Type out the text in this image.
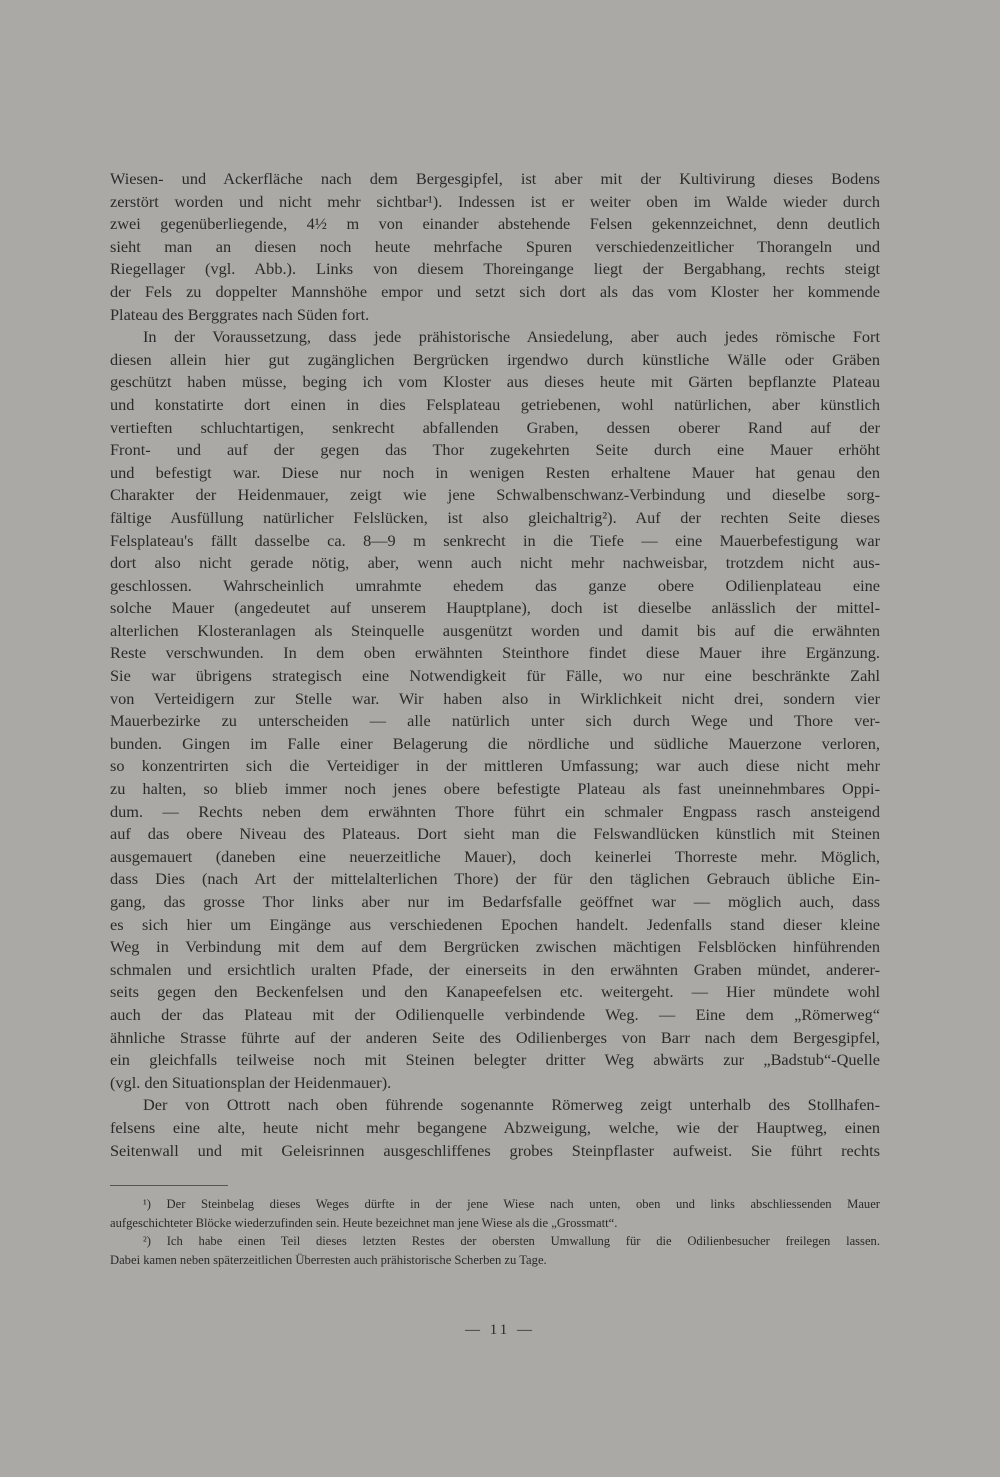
Wiesen- und Ackerfläche nach dem Bergesgipfel, ist aber mit der Kultivirung dieses Bodens
zerstört worden und nicht mehr sichtbar¹). Indessen ist er weiter oben im Walde wieder durch
zwei gegenüberliegende, 4½ m von einander abstehende Felsen gekennzeichnet, denn deutlich
sieht man an diesen noch heute mehrfache Spuren verschiedenzeitlicher Thorangeln und
Riegellager (vgl. Abb.). Links von diesem Thoreingange liegt der Bergabhang, rechts steigt
der Fels zu doppelter Mannshöhe empor und setzt sich dort als das vom Kloster her kommende
Plateau des Berggrates nach Süden fort.
In der Voraussetzung, dass jede prähistorische Ansiedelung, aber auch jedes römische Fort
diesen allein hier gut zugänglichen Bergrücken irgendwo durch künstliche Wälle oder Gräben
geschützt haben müsse, beging ich vom Kloster aus dieses heute mit Gärten bepflanzte Plateau
und konstatirte dort einen in dies Felsplateau getriebenen, wohl natürlichen, aber künstlich
vertieften schluchtartigen, senkrecht abfallenden Graben, dessen oberer Rand auf der
Front- und auf der gegen das Thor zugekehrten Seite durch eine Mauer erhöht
und befestigt war. Diese nur noch in wenigen Resten erhaltene Mauer hat genau den
Charakter der Heidenmauer, zeigt wie jene Schwalbenschwanz-Verbindung und dieselbe sorg-
fältige Ausfüllung natürlicher Felslücken, ist also gleichaltrig²). Auf der rechten Seite dieses
Felsplateau's fällt dasselbe ca. 8—9 m senkrecht in die Tiefe — eine Mauerbefestigung war
dort also nicht gerade nötig, aber, wenn auch nicht mehr nachweisbar, trotzdem nicht aus-
geschlossen. Wahrscheinlich umrahmte ehedem das ganze obere Odilienplateau eine
solche Mauer (angedeutet auf unserem Hauptplane), doch ist dieselbe anlässlich der mittel-
alterlichen Klosteranlagen als Steinquelle ausgenützt worden und damit bis auf die erwähnten
Reste verschwunden. In dem oben erwähnten Steinthore findet diese Mauer ihre Ergänzung.
Sie war übrigens strategisch eine Notwendigkeit für Fälle, wo nur eine beschränkte Zahl
von Verteidigern zur Stelle war. Wir haben also in Wirklichkeit nicht drei, sondern vier
Mauerbezirke zu unterscheiden — alle natürlich unter sich durch Wege und Thore ver-
bunden. Gingen im Falle einer Belagerung die nördliche und südliche Mauerzone verloren,
so konzentrirten sich die Verteidiger in der mittleren Umfassung; war auch diese nicht mehr
zu halten, so blieb immer noch jenes obere befestigte Plateau als fast uneinnehmbares Oppi-
dum. — Rechts neben dem erwähnten Thore führt ein schmaler Engpass rasch ansteigend
auf das obere Niveau des Plateaus. Dort sieht man die Felswandlücken künstlich mit Steinen
ausgemauert (daneben eine neuerzeitliche Mauer), doch keinerlei Thorreste mehr. Möglich,
dass Dies (nach Art der mittelalterlichen Thore) der für den täglichen Gebrauch übliche Ein-
gang, das grosse Thor links aber nur im Bedarfsfalle geöffnet war — möglich auch, dass
es sich hier um Eingänge aus verschiedenen Epochen handelt. Jedenfalls stand dieser kleine
Weg in Verbindung mit dem auf dem Bergrücken zwischen mächtigen Felsblöcken hinführenden
schmalen und ersichtlich uralten Pfade, der einerseits in den erwähnten Graben mündet, anderer-
seits gegen den Beckenfelsen und den Kanapeefelsen etc. weitergeht. — Hier mündete wohl
auch der das Plateau mit der Odilienquelle verbindende Weg. — Eine dem „Römerweg“
ähnliche Strasse führte auf der anderen Seite des Odilienberges von Barr nach dem Bergesgipfel,
ein gleichfalls teilweise noch mit Steinen belegter dritter Weg abwärts zur „Badstub“-Quelle
(vgl. den Situationsplan der Heidenmauer).
Der von Ottrott nach oben führende sogenannte Römerweg zeigt unterhalb des Stollhafen-
felsens eine alte, heute nicht mehr begangene Abzweigung, welche, wie der Hauptweg, einen
Seitenwall und mit Geleisrinnen ausgeschliffenes grobes Steinpflaster aufweist. Sie führt rechts
¹) Der Steinbelag dieses Weges dürfte in der jene Wiese nach unten, oben und links abschliessenden Mauer
aufgeschichteter Blöcke wiederzufinden sein. Heute bezeichnet man jene Wiese als die „Grossmatt“.
²) Ich habe einen Teil dieses letzten Restes der obersten Umwallung für die Odilienbesucher freilegen lassen.
Dabei kamen neben späterzeitlichen Überresten auch prähistorische Scherben zu Tage.
— 11 —
